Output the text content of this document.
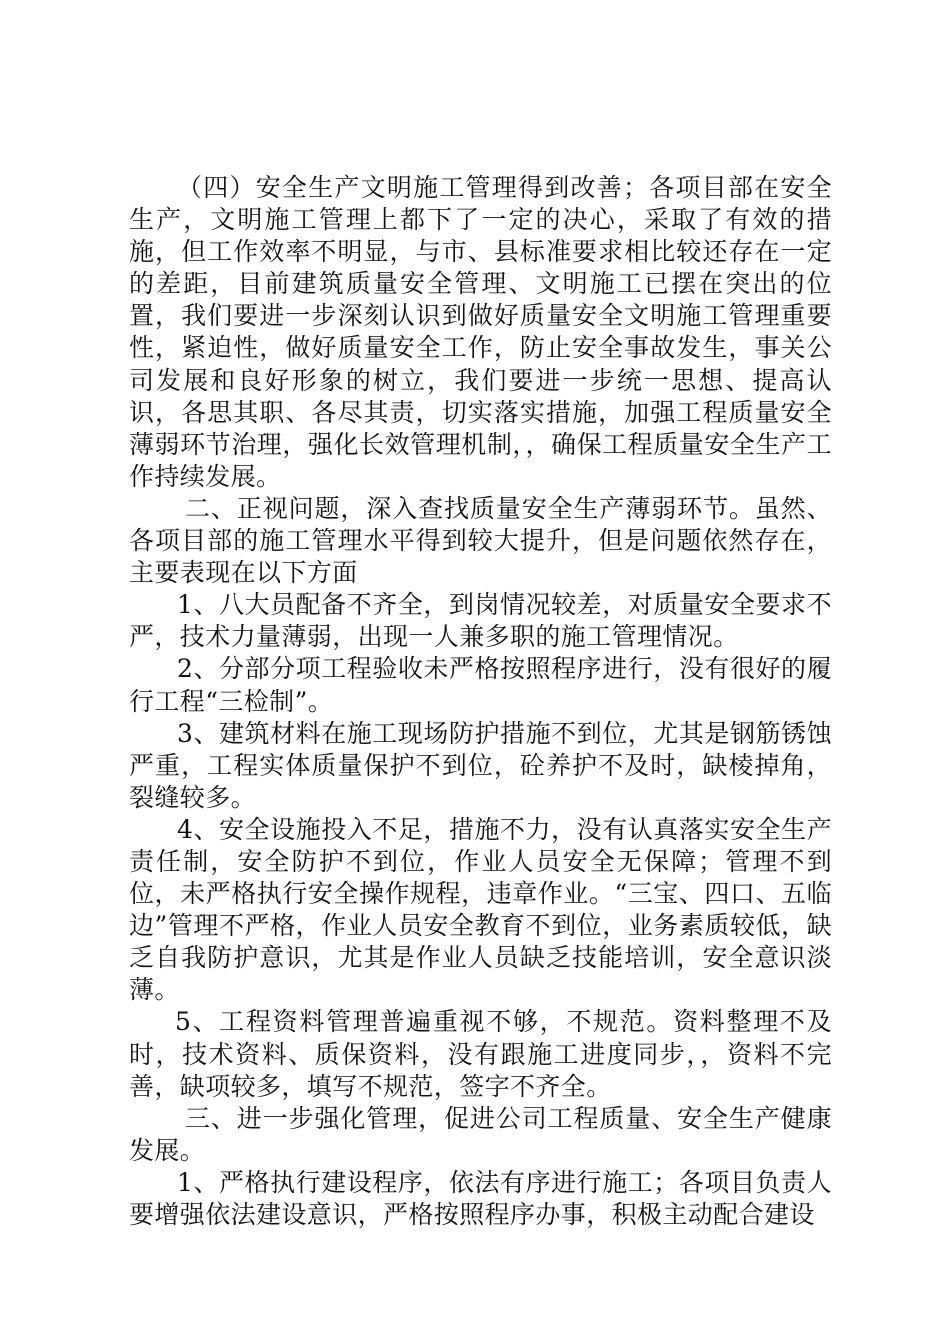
（四）安全生产文明施工管理得到改善；各项目部在安全生产，文明施工管理上都下了一定的决心，采取了有效的措施，但工作效率不明显，与市、县标准要求相比较还存在一定的差距，目前建筑质量安全管理、文明施工已摆在突出的位置，我们要进一步深刻认识到做好质量安全文明施工管理重要性，紧迫性，做好质量安全工作，防止安全事故发生，事关公司发展和良好形象的树立，我们要进一步统一思想、提高认识，各思其职、各尽其责，切实落实措施，加强工程质量安全薄弱环节治理，强化长效管理机制，，确保工程质量安全生产工作持续发展。

二、正视问题，深入查找质量安全生产薄弱环节。虽然、各项目部的施工管理水平得到较大提升，但是问题依然存在，主要表现在以下方面

1、八大员配备不齐全，到岗情况较差，对质量安全要求不严，技术力量薄弱，出现一人兼多职的施工管理情况。

2、分部分项工程验收未严格按照程序进行，没有很好的履行工程“三检制”。

3、建筑材料在施工现场防护措施不到位，尤其是钢筋锈蚀严重，工程实体质量保护不到位，砼养护不及时，缺棱掉角，裂缝较多。

4、安全设施投入不足，措施不力，没有认真落实安全生产责任制，安全防护不到位，作业人员安全无保障；管理不到位，未严格执行安全操作规程，违章作业。“三宝、四口、五临边”管理不严格，作业人员安全教育不到位，业务素质较低，缺乏自我防护意识，尤其是作业人员缺乏技能培训，安全意识淡薄。

5、工程资料管理普遍重视不够，不规范。资料整理不及时，技术资料、质保资料，没有跟施工进度同步，，资料不完善，缺项较多，填写不规范，签字不齐全。

三、进一步强化管理，促进公司工程质量、安全生产健康发展。

1、严格执行建设程序，依法有序进行施工；各项目负责人要增强依法建设意识，严格按照程序办事，积极主动配合建设
